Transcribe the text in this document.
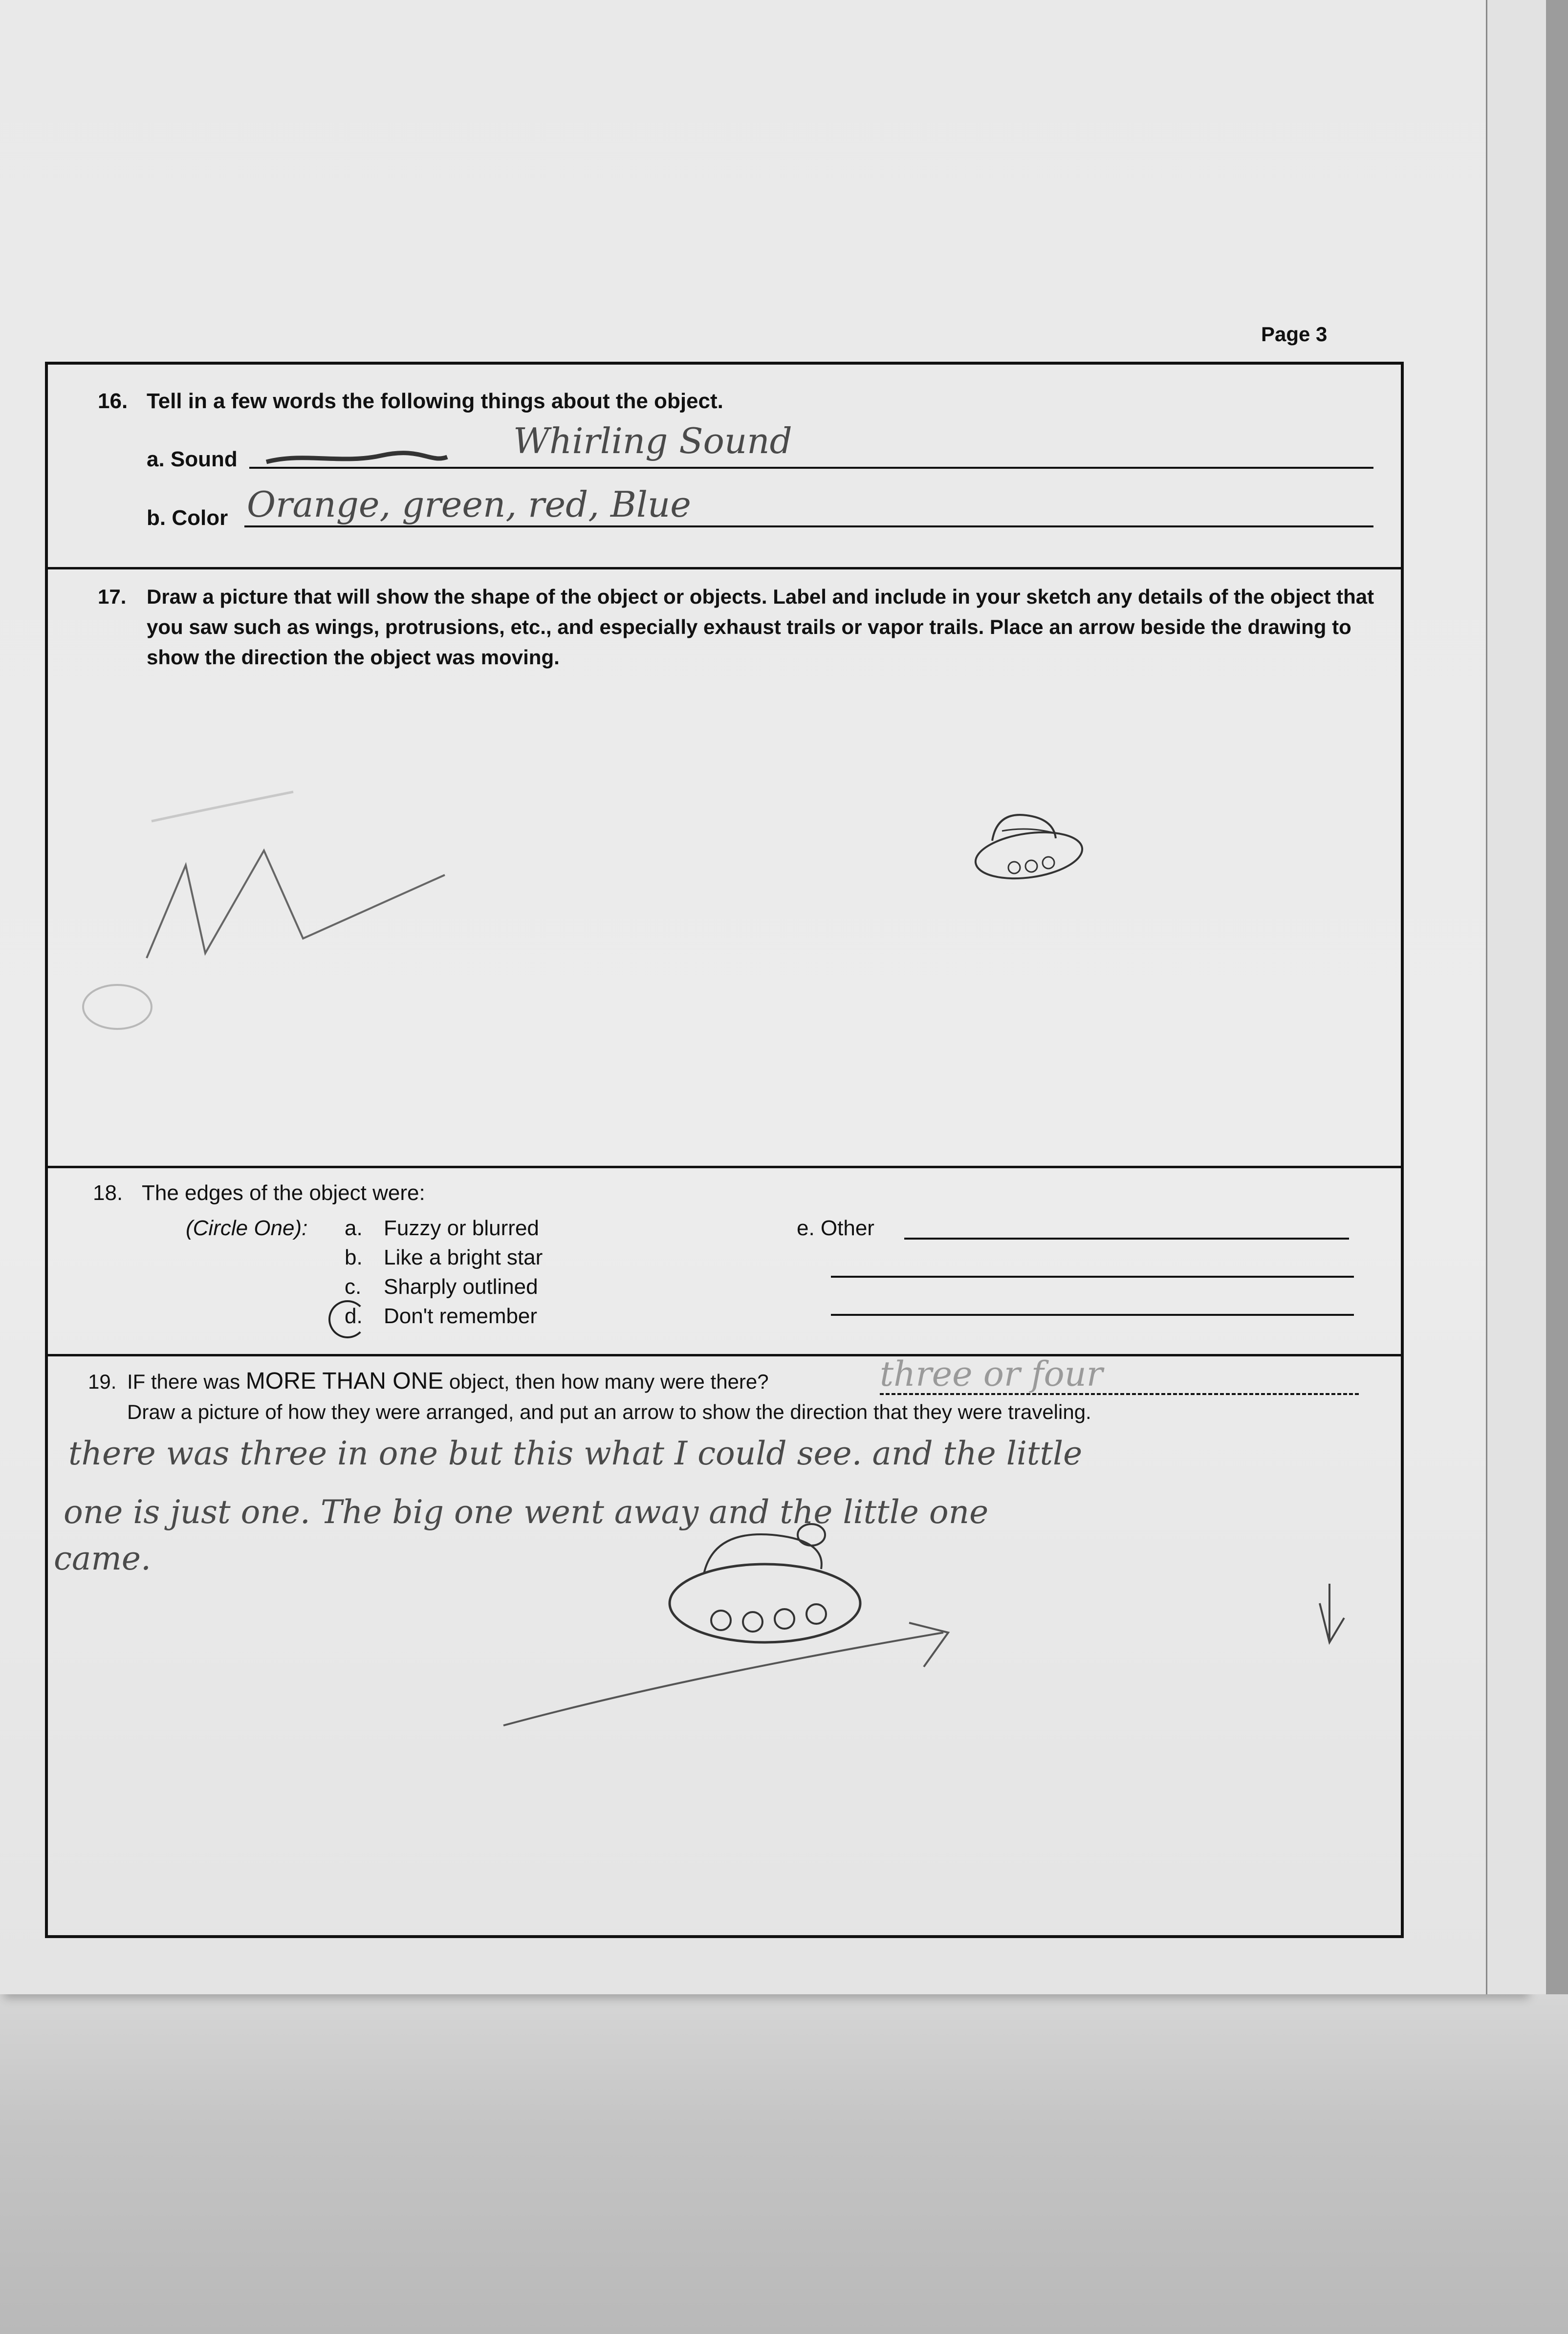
Page 3
16. Tell in a few words the following things about the object.
a. Sound	Whirling Sound
b. Color Orange, green, red, Blue
17. Draw a picture that will show the shape of the object or objects. Label and include in your sketch any details of the object that you saw such as wings, protrusions, etc., and especially exhaust trails or vapor trails. Place an arrow beside the drawing to show the direction the object was moving.
18. The edges of the object were:
(Circle One): a. Fuzzy or blurred
b. Like a bright star
c. Sharply outlined
d. Don't remember
e. Other
19. IF there was MORE THAN ONE object, then how many were there?
Draw a picture of how they were arranged, and put an arrow to show the direction that they were traveling.
three or four
there was three in one but this what I could see. and the little
one is just one. The big one went away and the little one
came.
